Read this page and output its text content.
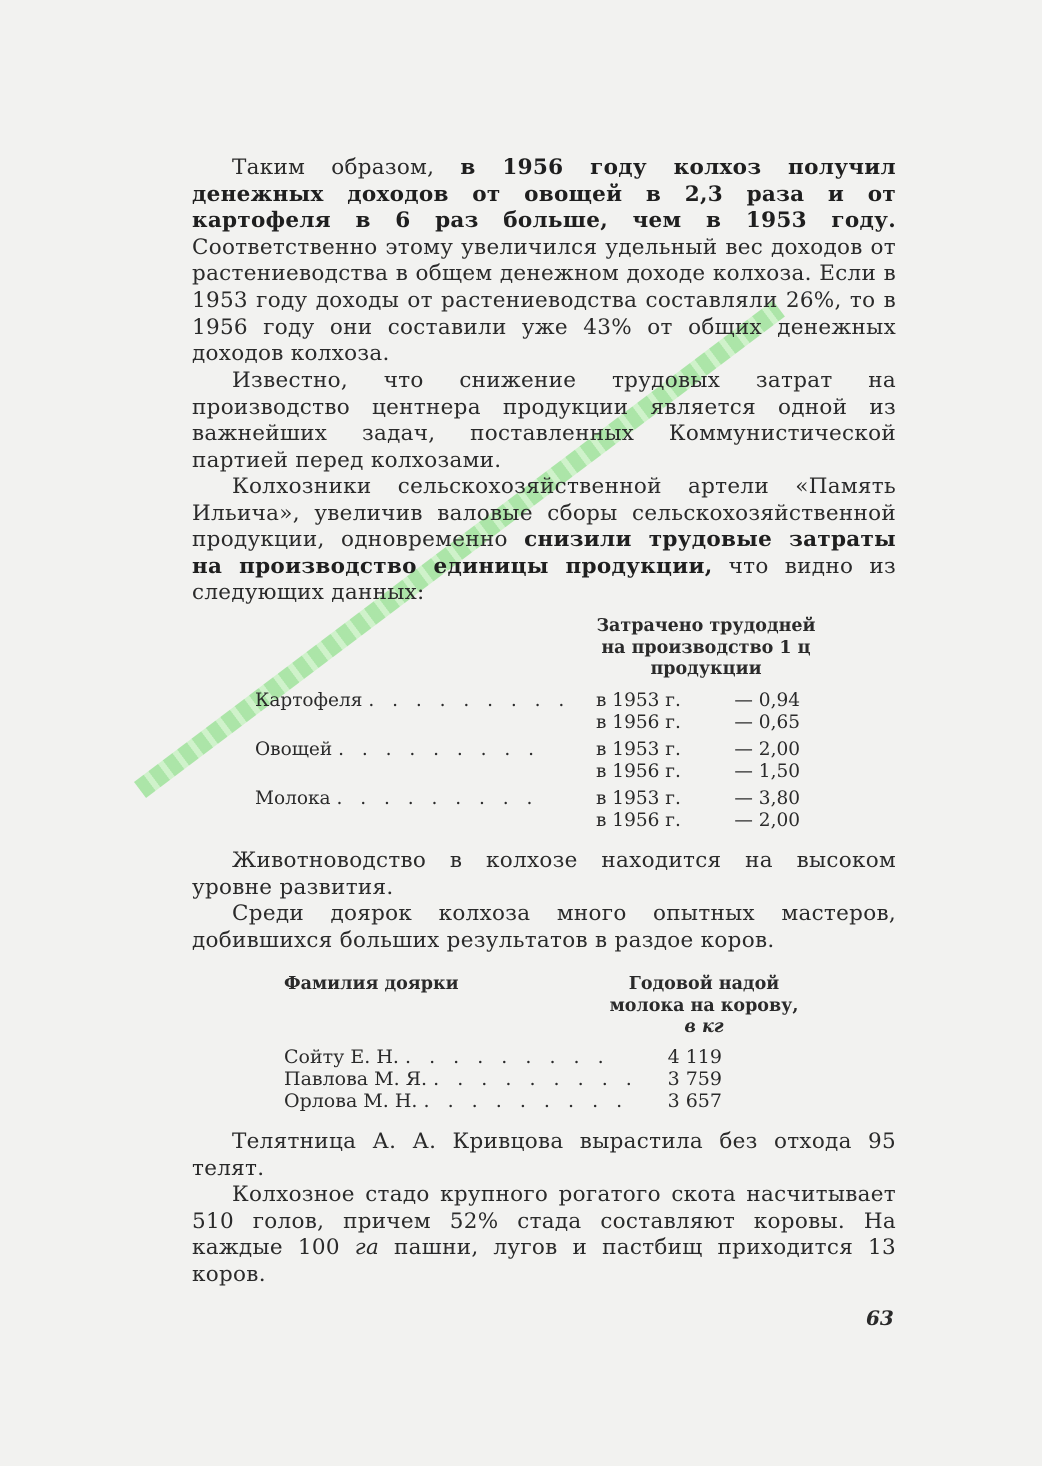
Таким образом, в 1956 году колхоз получил денежных доходов от овощей в 2,3 раза и от картофеля в 6 раз больше, чем в 1953 году. Соответственно этому увеличился удельный вес доходов от растениеводства в общем денежном доходе колхоза. Если в 1953 году доходы от растениеводства составляли 26%, то в 1956 году они составили уже 43% от общих денежных доходов колхоза.

Известно, что снижение трудовых затрат на производство центнера продукции является одной из важнейших задач, поставленных Коммунистической партией перед колхозами.

Колхозники сельскохозяйственной артели «Память Ильича», увеличив валовые сборы сельскохозяйственной продукции, одновременно снизили трудовые затраты на производство единицы продукции, что видно из следующих данных:

Затрачено трудодней
на производство 1 ц
продукции
Картофеля . . . . . . . . . в 1953 г.	— 0,94
в 1956 г.	— 0,65
Овощей . . . . . . . . .	в 1953 г.	— 2,00
в 1956 г.	— 1,50
Молока . . . . . . . . .	в 1953 г.	— 3,80
в 1956 г.	— 2,00

Животноводство в колхозе находится на высоком уровне развития.

Среди доярок колхоза много опытных мастеров, добившихся больших результатов в раздое коров.

Фамилия доярки	Годовой надой
молока на корову,
в кг
Сойту Е. Н. . . . . . . . . .	4 119
Павлова М. Я. . . . . . . . . .	3 759
Орлова М. Н. . . . . . . . . .	3 657

Телятница А. А. Кривцова вырастила без отхода 95 телят.

Колхозное стадо крупного рогатого скота насчитывает 510 голов, причем 52% стада составляют коровы. На каждые 100 га пашни, лугов и пастбищ приходится 13 коров.

63
